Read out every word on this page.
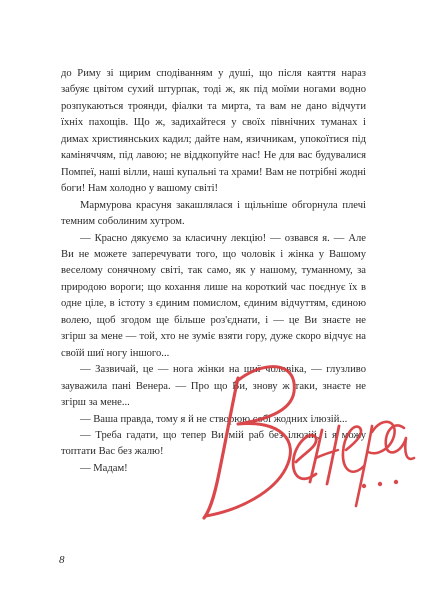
до Риму зі щирим сподіванням у душі, що після каяття нараз забуяє цвітом сухий штурпак, тоді ж, як під моїми ногами водно розпукаються троянди, фіалки та мирта, та вам не дано відчути їхніх пахощів. Що ж, задихайтеся у своїх північних туманах і димах християнських кадил; дайте нам, язичникам, упокоїтися під каміняччям, під лавою; не віддкопуйте нас! Не для вас будувалися Помпеї, наші вілли, наші купальні та храми! Вам не потрібні жодні боги! Нам холодно у вашому світі!

Мармурова красуня закашлялася і щільніше обгорнула плечі темним соболиним хутром.

— Красно дякуємо за класичну лекцію! — озвався я. — Але Ви не можете заперечувати того, що чоловік і жінка у Вашому веселому сонячному світі, так само, як у нашому, туманному, за природою вороги; що кохання лише на короткий час поєднує їх в одне ціле, в істоту з єдиним помислом, єдиним відчуттям, єдиною волею, щоб згодом ще більше роз'єднати, і — це Ви знаєте не згірш за мене — той, хто не зуміє взяти гору, дуже скоро відчує на своїй шиї ногу іншого...

— Зазвичай, це — нога жінки на шиї чоловіка, — глузливо зауважила пані Венера. — Про що Ви, знову ж таки, знаєте не згірш за мене...

— Ваша правда, тому я й не створюю собі жодних ілюзій...

— Треба гадати, що тепер Ви мій раб без ілюзій, і я можу топтати Вас без жалю!

— Мадам!

8
